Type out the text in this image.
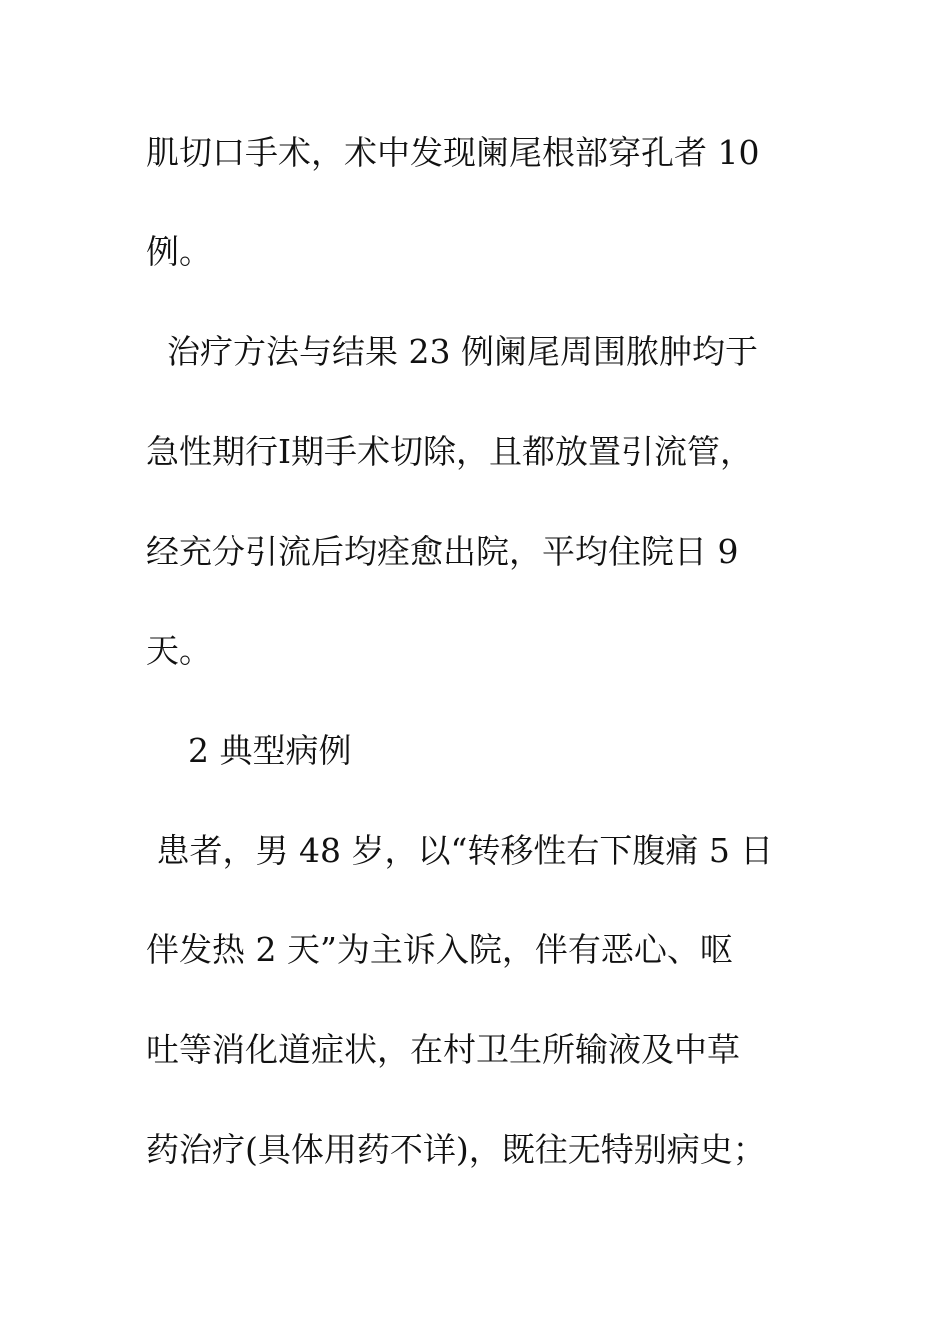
肌切口手术，术中发现阑尾根部穿孔者 10
例。
治疗方法与结果 23 例阑尾周围脓肿均于
急性期行Ⅰ期手术切除，且都放置引流管，
经充分引流后均痊愈出院，平均住院日 9
天。
2 典型病例
患者，男 48 岁，以“转移性右下腹痛 5 日
伴发热 2 天”为主诉入院，伴有恶心、呕
吐等消化道症状，在村卫生所输液及中草
药治疗(具体用药不详)，既往无特别病史；
